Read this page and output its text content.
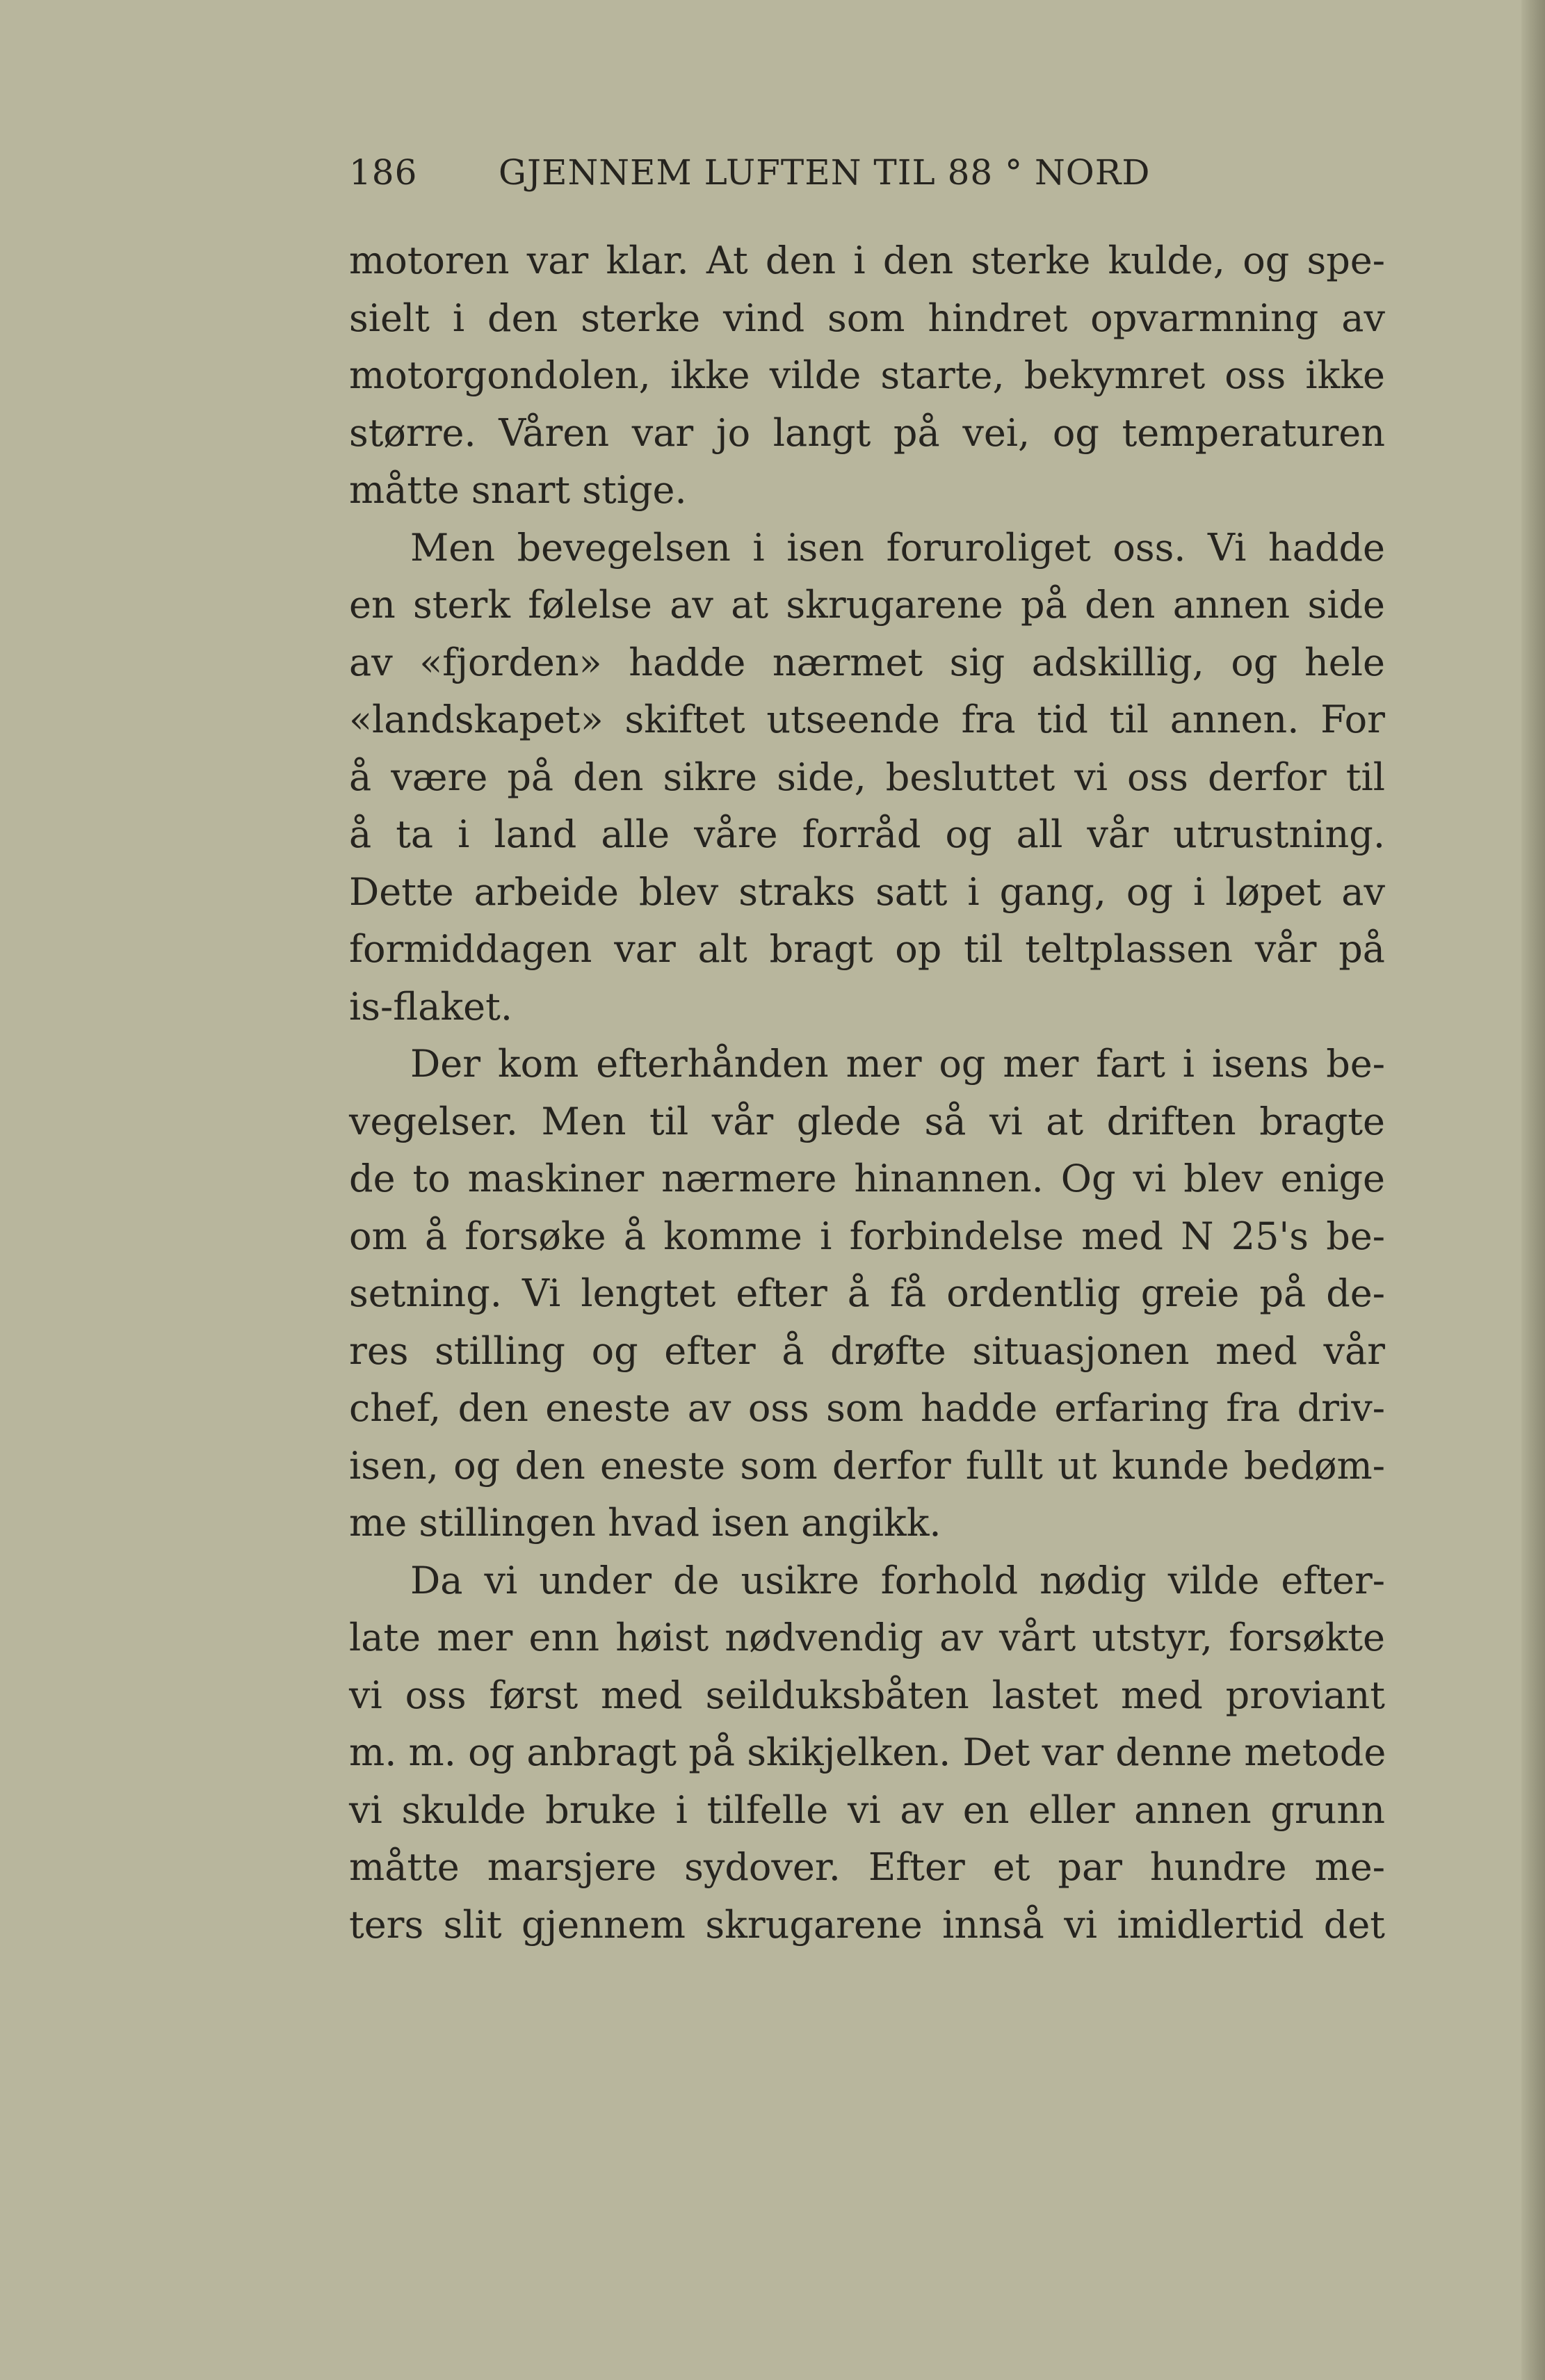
186 GJENNEM LUFTEN TIL 88 ° NORD
motoren var klar. At den i den sterke kulde, og spe-
sielt i den sterke vind som hindret opvarmning av
motorgondolen, ikke vilde starte, bekymret oss ikke
større. Våren var jo langt på vei, og temperaturen
måtte snart stige.
Men bevegelsen i isen foruroliget oss. Vi hadde
en sterk følelse av at skrugarene på den annen side
av «fjorden» hadde nærmet sig adskillig, og hele
«landskapet» skiftet utseende fra tid til annen. For
å være på den sikre side, besluttet vi oss derfor til
å ta i land alle våre forråd og all vår utrustning.
Dette arbeide blev straks satt i gang, og i løpet av
formiddagen var alt bragt op til teltplassen vår på
is-flaket.
Der kom efterhånden mer og mer fart i isens be-
vegelser. Men til vår glede så vi at driften bragte
de to maskiner nærmere hinannen. Og vi blev enige
om å forsøke å komme i forbindelse med N 25's be-
setning. Vi lengtet efter å få ordentlig greie på de-
res stilling og efter å drøfte situasjonen med vår
chef, den eneste av oss som hadde erfaring fra driv-
isen, og den eneste som derfor fullt ut kunde bedøm-
me stillingen hvad isen angikk.
Da vi under de usikre forhold nødig vilde efter-
late mer enn høist nødvendig av vårt utstyr, forsøkte
vi oss først med seilduksbåten lastet med proviant
m. m. og anbragt på skikjelken. Det var denne metode
vi skulde bruke i tilfelle vi av en eller annen grunn
måtte marsjere sydover. Efter et par hundre me-
ters slit gjennem skrugarene innså vi imidlertid det
